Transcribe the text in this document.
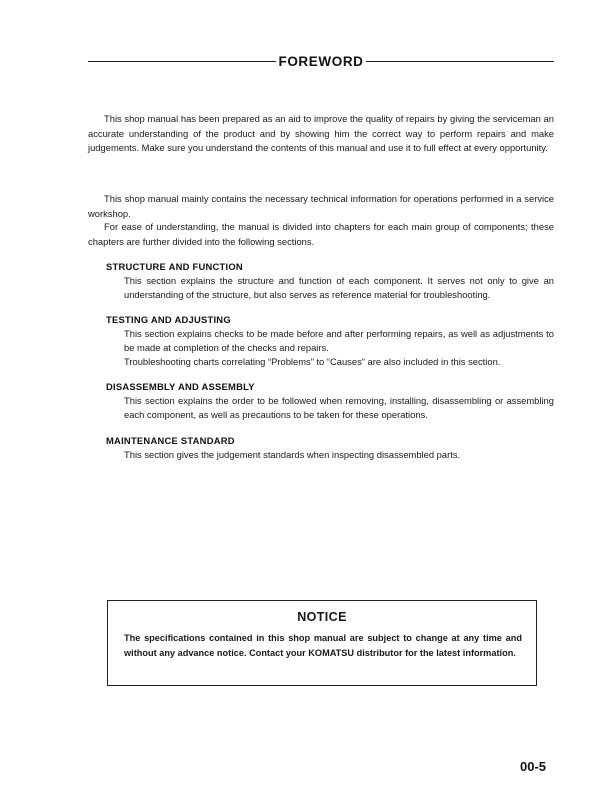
FOREWORD

This shop manual has been prepared as an aid to improve the quality of repairs by giving the serviceman an accurate understanding of the product and by showing him the correct way to perform repairs and make judgements. Make sure you understand the contents of this manual and use it to full effect at every opportunity.

This shop manual mainly contains the necessary technical information for operations performed in a service workshop.

For ease of understanding, the manual is divided into chapters for each main group of components; these chapters are further divided into the following sections.

STRUCTURE AND FUNCTION

This section explains the structure and function of each component. It serves not only to give an understanding of the structure, but also serves as reference material for troubleshooting.

TESTING AND ADJUSTING

This section explains checks to be made before and after performing repairs, as well as adjustments to be made at completion of the checks and repairs.
Troubleshooting charts correlating “Problems” to “Causes” are also included in this section.

DISASSEMBLY AND ASSEMBLY

This section explains the order to be followed when removing, installing, disassembling or assembling each component, as well as precautions to be taken for these operations.

MAINTENANCE STANDARD

This section gives the judgement standards when inspecting disassembled parts.
NOTICE

The specifications contained in this shop manual are subject to change at any time and without any advance notice. Contact your KOMATSU distributor for the latest information.

00-5
